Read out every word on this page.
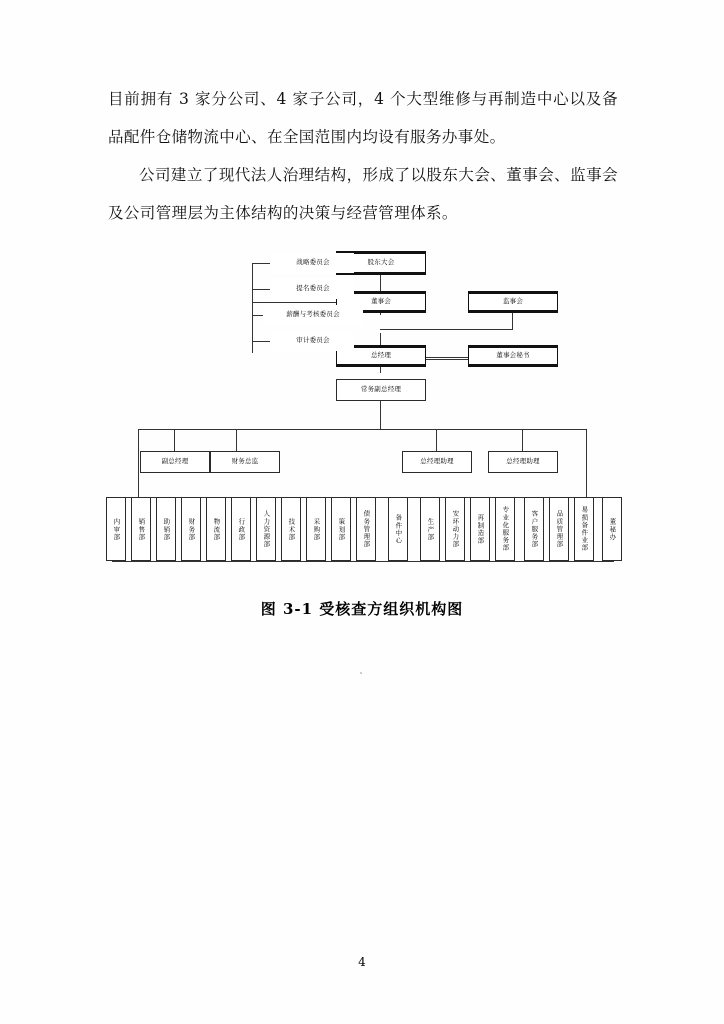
目前拥有 3 家分公司、4 家子公司，4 个大型维修与再制造中心以及备品配件仓储物流中心、在全国范围内均设有服务办事处。

公司建立了现代法人治理结构，形成了以股东大会、董事会、监事会及公司管理层为主体结构的决策与经营管理体系。

股东大会
董事会	监事会
总经理	董事会秘书
常务副总经理
战略委员会
提名委员会
薪酬与考核委员会
审计委员会
副总经理	财务总监	总经理助理	总经理助理
内审部	销售部	助销部	财务部	物流部	行政部	人力资源部	技术部	采购部	策划部	债务管理部	备件中心	生产部	安环动力部	再制造部	专业化服务部	客户服务部	品质管理部	易损备件业部	董秘办
图 3-1 受核查方组织机构图
4
